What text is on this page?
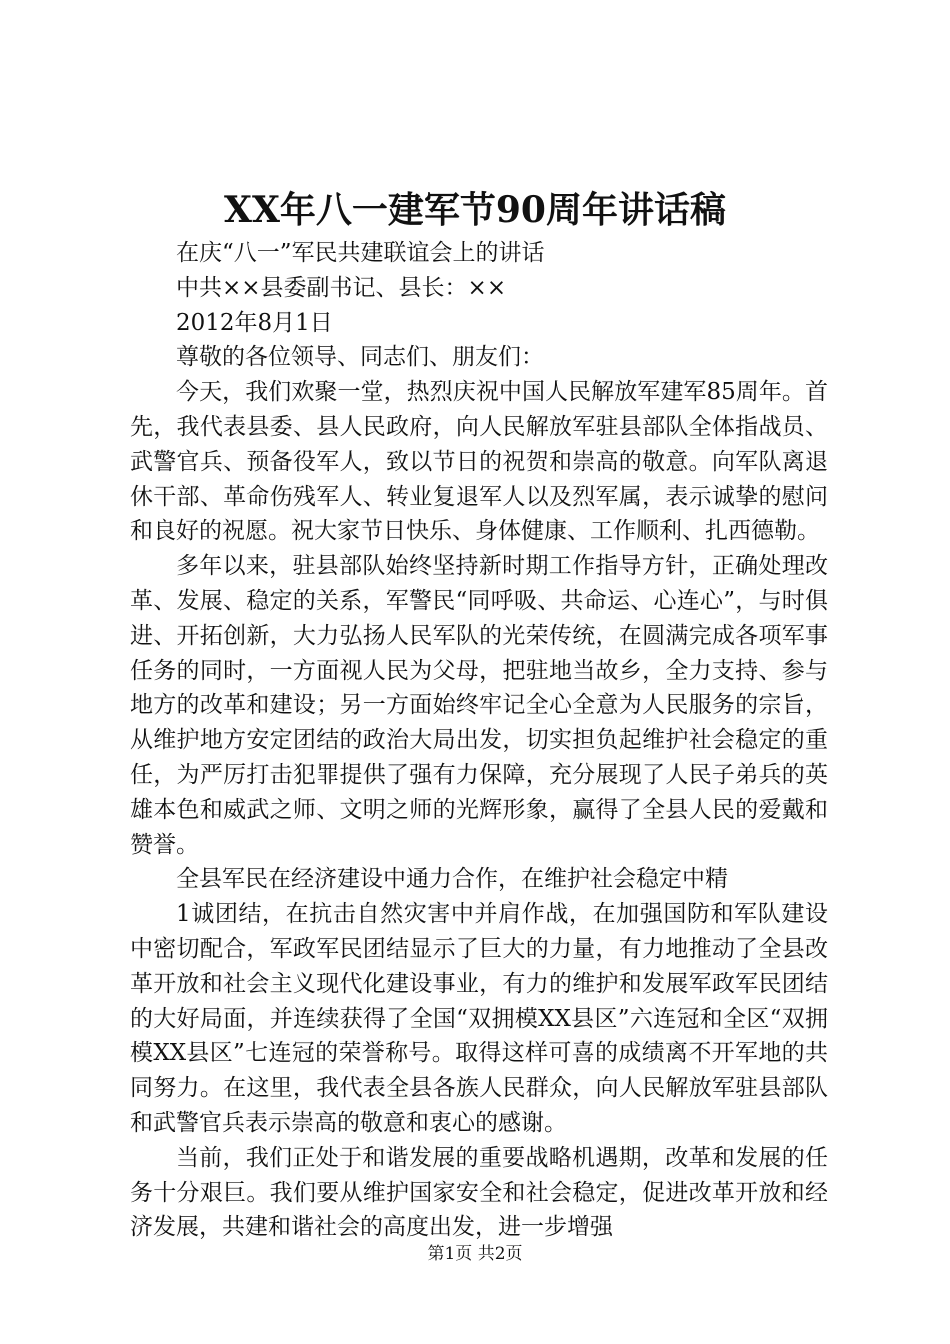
XX年八一建军节90周年讲话稿

在庆“八一”军民共建联谊会上的讲话

中共××县委副书记、县长：××

2012年8月1日

尊敬的各位领导、同志们、朋友们：

今天，我们欢聚一堂，热烈庆祝中国人民解放军建军85周年。首先，我代表县委、县人民政府，向人民解放军驻县部队全体指战员、武警官兵、预备役军人，致以节日的祝贺和崇高的敬意。向军队离退休干部、革命伤残军人、转业复退军人以及烈军属，表示诚挚的慰问和良好的祝愿。祝大家节日快乐、身体健康、工作顺利、扎西德勒。

多年以来，驻县部队始终坚持新时期工作指导方针，正确处理改革、发展、稳定的关系，军警民“同呼吸、共命运、心连心”，与时俱进、开拓创新，大力弘扬人民军队的光荣传统，在圆满完成各项军事任务的同时，一方面视人民为父母，把驻地当故乡，全力支持、参与地方的改革和建设；另一方面始终牢记全心全意为人民服务的宗旨，从维护地方安定团结的政治大局出发，切实担负起维护社会稳定的重任，为严厉打击犯罪提供了强有力保障，充分展现了人民子弟兵的英雄本色和威武之师、文明之师的光辉形象，赢得了全县人民的爱戴和赞誉。

全县军民在经济建设中通力合作，在维护社会稳定中精

1诚团结，在抗击自然灾害中并肩作战，在加强国防和军队建设中密切配合，军政军民团结显示了巨大的力量，有力地推动了全县改革开放和社会主义现代化建设事业，有力的维护和发展军政军民团结的大好局面，并连续获得了全国“双拥模XX县区”六连冠和全区“双拥模XX县区”七连冠的荣誉称号。取得这样可喜的成绩离不开军地的共同努力。在这里，我代表全县各族人民群众，向人民解放军驻县部队和武警官兵表示崇高的敬意和衷心的感谢。

当前，我们正处于和谐发展的重要战略机遇期，改革和发展的任务十分艰巨。我们要从维护国家安全和社会稳定，促进改革开放和经济发展，共建和谐社会的高度出发，进一步增强

第1页 共2页
